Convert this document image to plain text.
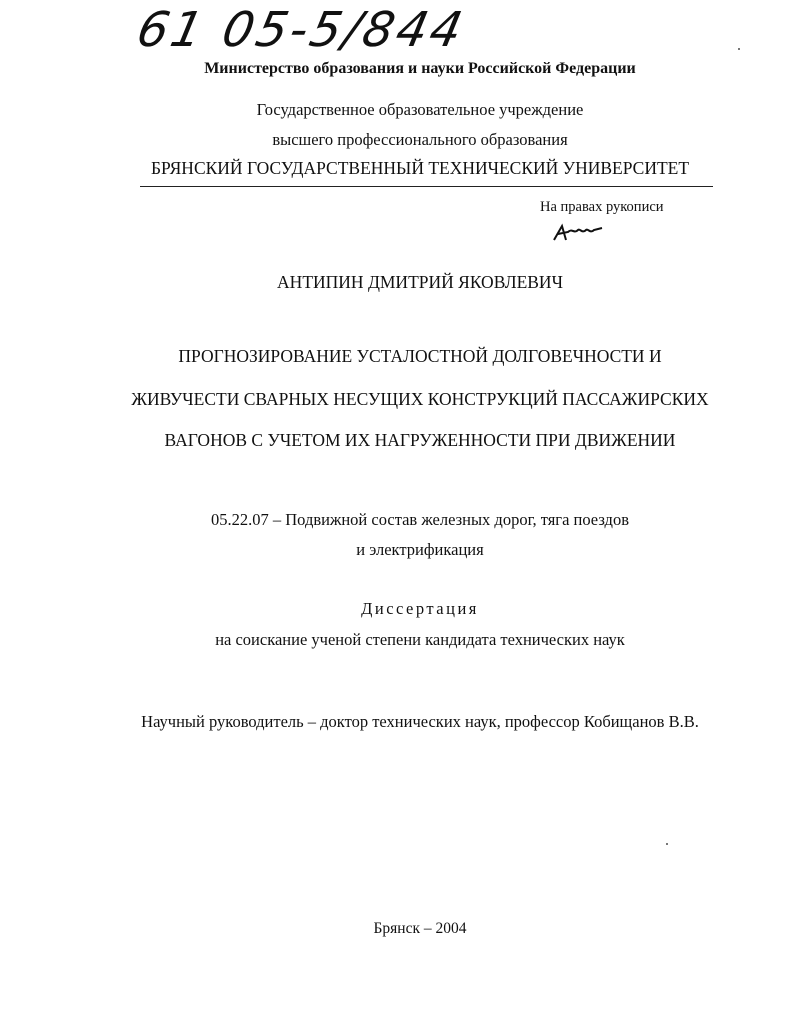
61 05-5/844
Министерство образования и науки Российской Федерации
Государственное образовательное учреждение
высшего профессионального образования
БРЯНСКИЙ ГОСУДАРСТВЕННЫЙ ТЕХНИЧЕСКИЙ УНИВЕРСИТЕТ
На правах рукописи
АНТИПИН ДМИТРИЙ ЯКОВЛЕВИЧ
ПРОГНОЗИРОВАНИЕ УСТАЛОСТНОЙ ДОЛГОВЕЧНОСТИ И
ЖИВУЧЕСТИ СВАРНЫХ НЕСУЩИХ КОНСТРУКЦИЙ ПАССАЖИРСКИХ
ВАГОНОВ С УЧЕТОМ ИХ НАГРУЖЕННОСТИ ПРИ ДВИЖЕНИИ
05.22.07 – Подвижной состав железных дорог, тяга поездов
и электрификация
Диссертация
на соискание ученой степени кандидата технических наук
Научный руководитель – доктор технических наук, профессор Кобищанов В.В.
Брянск – 2004
